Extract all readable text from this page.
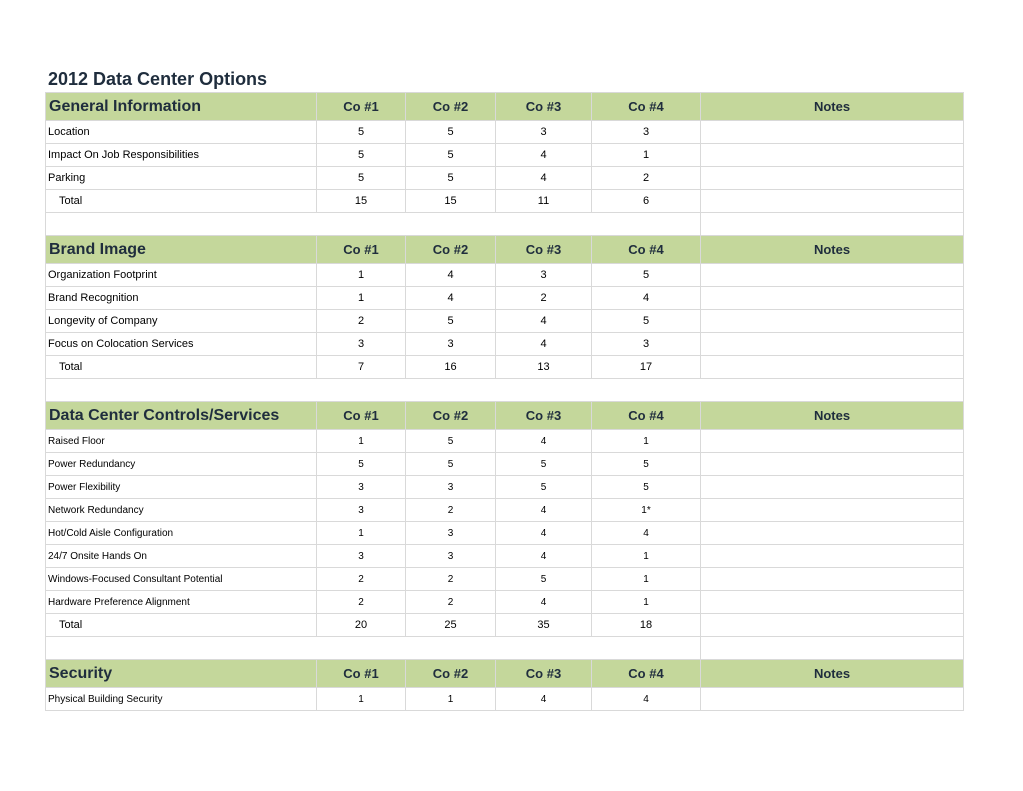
2012 Data Center Options
General Information	Co #1	Co #2	Co #3	Co #4	Notes
Location	5	5	3	3	
Impact On Job Responsibilities	5	5	4	1	
Parking	5	5	4	2	
Total	15	15	11	6	

Brand Image	Co #1	Co #2	Co #3	Co #4	Notes
Organization Footprint	1	4	3	5	
Brand Recognition	1	4	2	4	
Longevity of Company	2	5	4	5	
Focus on Colocation Services	3	3	4	3	
Total	7	16	13	17	

Data Center Controls/Services	Co #1	Co #2	Co #3	Co #4	Notes
Raised Floor	1	5	4	1	
Power Redundancy	5	5	5	5	
Power Flexibility	3	3	5	5	
Network Redundancy	3	2	4	1*	
Hot/Cold Aisle Configuration	1	3	4	4	
24/7 Onsite Hands On	3	3	4	1	
Windows-Focused Consultant Potential	2	2	5	1	
Hardware Preference Alignment	2	2	4	1	
Total	20	25	35	18	

Security	Co #1	Co #2	Co #3	Co #4	Notes
Physical Building Security	1	1	4	4	
